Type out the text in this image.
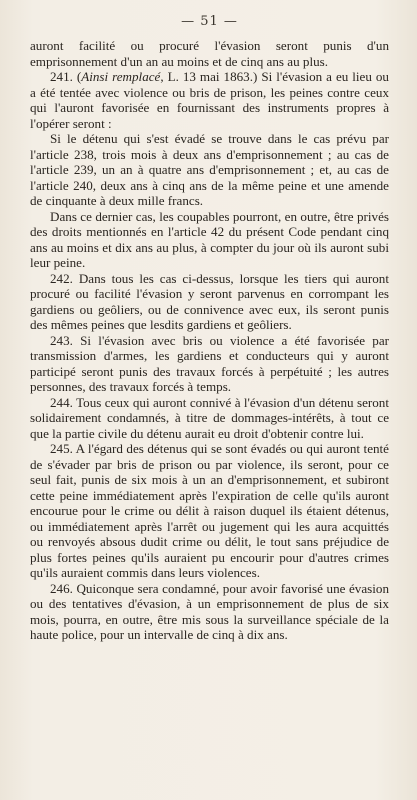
— 51 —

auront facilité ou procuré l'évasion seront punis d'un emprisonnement d'un an au moins et de cinq ans au plus.

241. (Ainsi remplacé, L. 13 mai 1863.) Si l'évasion a eu lieu ou a été tentée avec violence ou bris de prison, les peines contre ceux qui l'auront favorisée en fournissant des instruments propres à l'opérer seront :

Si le détenu qui s'est évadé se trouve dans le cas prévu par l'article 238, trois mois à deux ans d'emprisonnement ; au cas de l'article 239, un an à quatre ans d'emprisonnement ; et, au cas de l'article 240, deux ans à cinq ans de la même peine et une amende de cinquante à deux mille francs.

Dans ce dernier cas, les coupables pourront, en outre, être privés des droits mentionnés en l'article 42 du présent Code pendant cinq ans au moins et dix ans au plus, à compter du jour où ils auront subi leur peine.

242. Dans tous les cas ci-dessus, lorsque les tiers qui auront procuré ou facilité l'évasion y seront parvenus en corrompant les gardiens ou geôliers, ou de connivence avec eux, ils seront punis des mêmes peines que lesdits gardiens et geôliers.

243. Si l'évasion avec bris ou violence a été favorisée par transmission d'armes, les gardiens et conducteurs qui y auront participé seront punis des travaux forcés à perpétuité ; les autres personnes, des travaux forcés à temps.

244. Tous ceux qui auront connivé à l'évasion d'un détenu seront solidairement condamnés, à titre de dommages-intérêts, à tout ce que la partie civile du détenu aurait eu droit d'obtenir contre lui.

245. A l'égard des détenus qui se sont évadés ou qui auront tenté de s'évader par bris de prison ou par violence, ils seront, pour ce seul fait, punis de six mois à un an d'emprisonnement, et subiront cette peine immédiatement après l'expiration de celle qu'ils auront encourue pour le crime ou délit à raison duquel ils étaient détenus, ou immédiatement après l'arrêt ou jugement qui les aura acquittés ou renvoyés absous dudit crime ou délit, le tout sans préjudice de plus fortes peines qu'ils auraient pu encourir pour d'autres crimes qu'ils auraient commis dans leurs violences.

246. Quiconque sera condamné, pour avoir favorisé une évasion ou des tentatives d'évasion, à un emprisonnement de plus de six mois, pourra, en outre, être mis sous la surveillance spéciale de la haute police, pour un intervalle de cinq à dix ans.
